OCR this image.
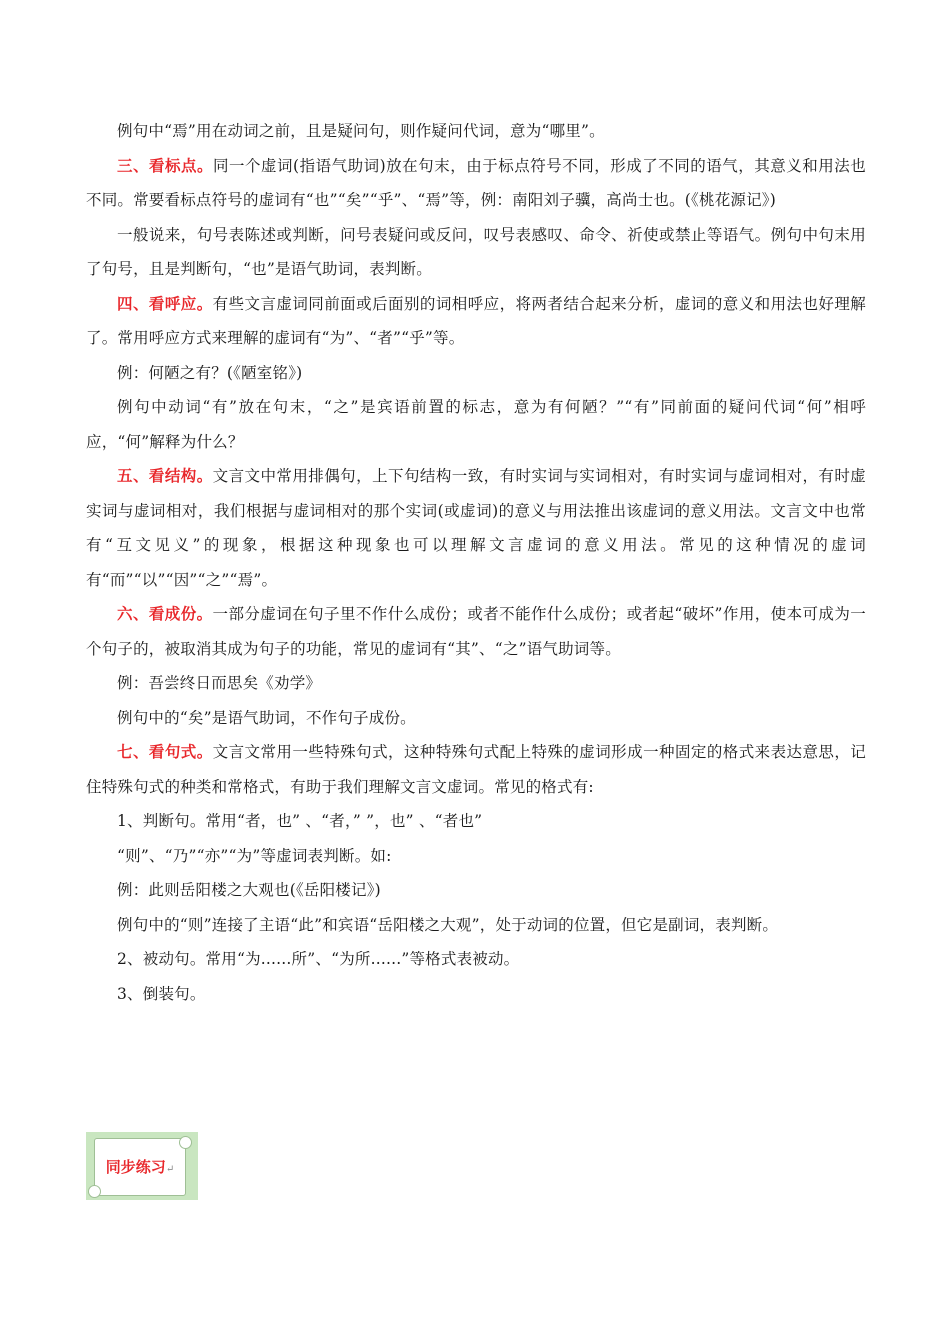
例句中“焉”用在动词之前，且是疑问句，则作疑问代词，意为“哪里”。

三、看标点。同一个虚词(指语气助词)放在句末，由于标点符号不同，形成了不同的语气，其意义和用法也不同。常要看标点符号的虚词有“也”“矣”“乎”、“焉”等，例：南阳刘子骥，高尚士也。(《桃花源记》)

一般说来，句号表陈述或判断，问号表疑问或反问，叹号表感叹、命令、祈使或禁止等语气。例句中句末用了句号，且是判断句，“也”是语气助词，表判断。

四、看呼应。有些文言虚词同前面或后面别的词相呼应，将两者结合起来分析，虚词的意义和用法也好理解了。常用呼应方式来理解的虚词有“为”、“者”“乎”等。

例：何陋之有？(《陋室铭》)

例句中动词“有”放在句末，“之”是宾语前置的标志，意为有何陋？”“有”同前面的疑问代词“何”相呼应，“何”解释为什么？

五、看结构。文言文中常用排偶句，上下句结构一致，有时实词与实词相对，有时实词与虚词相对，有时虚实词与虚词相对，我们根据与虚词相对的那个实词(或虚词)的意义与用法推出该虚词的意义用法。文言文中也常有“互文见义”的现象，根据这种现象也可以理解文言虚词的意义用法。常见的这种情况的虚词有“而”“以”“因”“之”“焉”。

六、看成份。一部分虚词在句子里不作什么成份；或者不能作什么成份；或者起“破坏”作用，使本可成为一个句子的，被取消其成为句子的功能，常见的虚词有“其”、“之”语气助词等。

例：吾尝终日而思矣《劝学》

例句中的“矣”是语气助词，不作句子成份。

七、看句式。文言文常用一些特殊句式，这种特殊句式配上特殊的虚词形成一种固定的格式来表达意思，记住特殊句式的种类和常格式，有助于我们理解文言文虚词。常见的格式有:

1、判断句。常用“者，也” 、“者，” ”，也” 、“者也”

“则”、“乃”“亦”“为”等虚词表判断。如:

例：此则岳阳楼之大观也(《岳阳楼记》)

例句中的“则”连接了主语“此”和宾语“岳阳楼之大观”，处于动词的位置，但它是副词，表判断。

2、被动句。常用“为......所”、“为所......”等格式表被动。

3、倒装句。

同步练习↵
